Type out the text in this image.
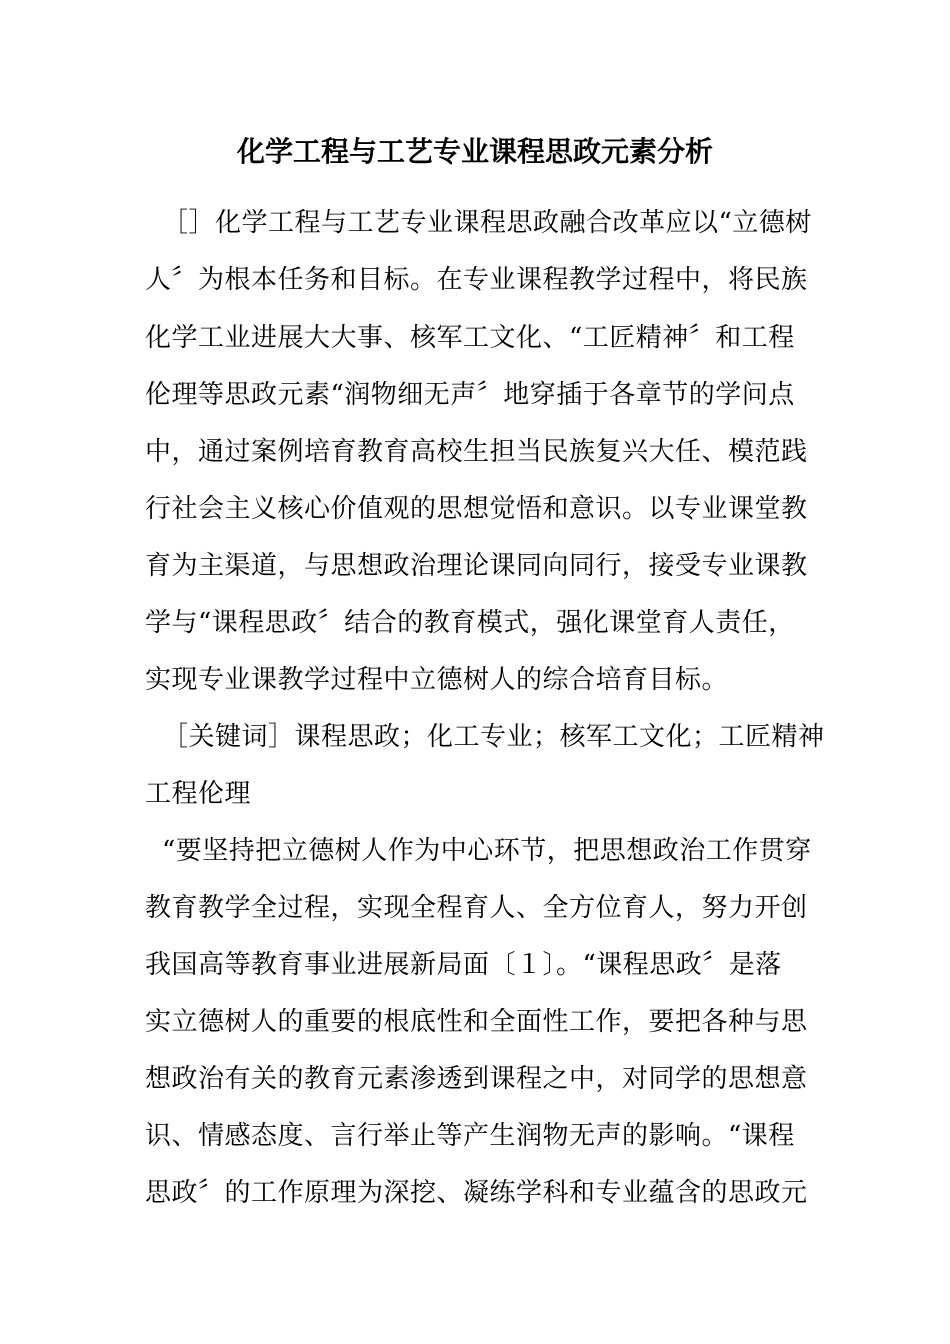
化学工程与工艺专业课程思政元素分析
［］化学工程与工艺专业课程思政融合改革应以“立德树
人〞为根本任务和目标。在专业课程教学过程中，将民族
化学工业进展大大事、核军工文化、“工匠精神〞和工程
伦理等思政元素“润物细无声〞地穿插于各章节的学问点
中，通过案例培育教育高校生担当民族复兴大任、模范践
行社会主义核心价值观的思想觉悟和意识。以专业课堂教
育为主渠道，与思想政治理论课同向同行，接受专业课教
学与“课程思政〞结合的教育模式，强化课堂育人责任，
实现专业课教学过程中立德树人的综合培育目标。
［关键词］课程思政；化工专业；核军工文化；工匠精神
工程伦理
“要坚持把立德树人作为中心环节，把思想政治工作贯穿
教育教学全过程，实现全程育人、全方位育人，努力开创
我国高等教育事业进展新局面〔１〕。“课程思政〞是落
实立德树人的重要的根底性和全面性工作，要把各种与思
想政治有关的教育元素渗透到课程之中，对同学的思想意
识、情感态度、言行举止等产生润物无声的影响。“课程
思政〞的工作原理为深挖、凝练学科和专业蕴含的思政元
